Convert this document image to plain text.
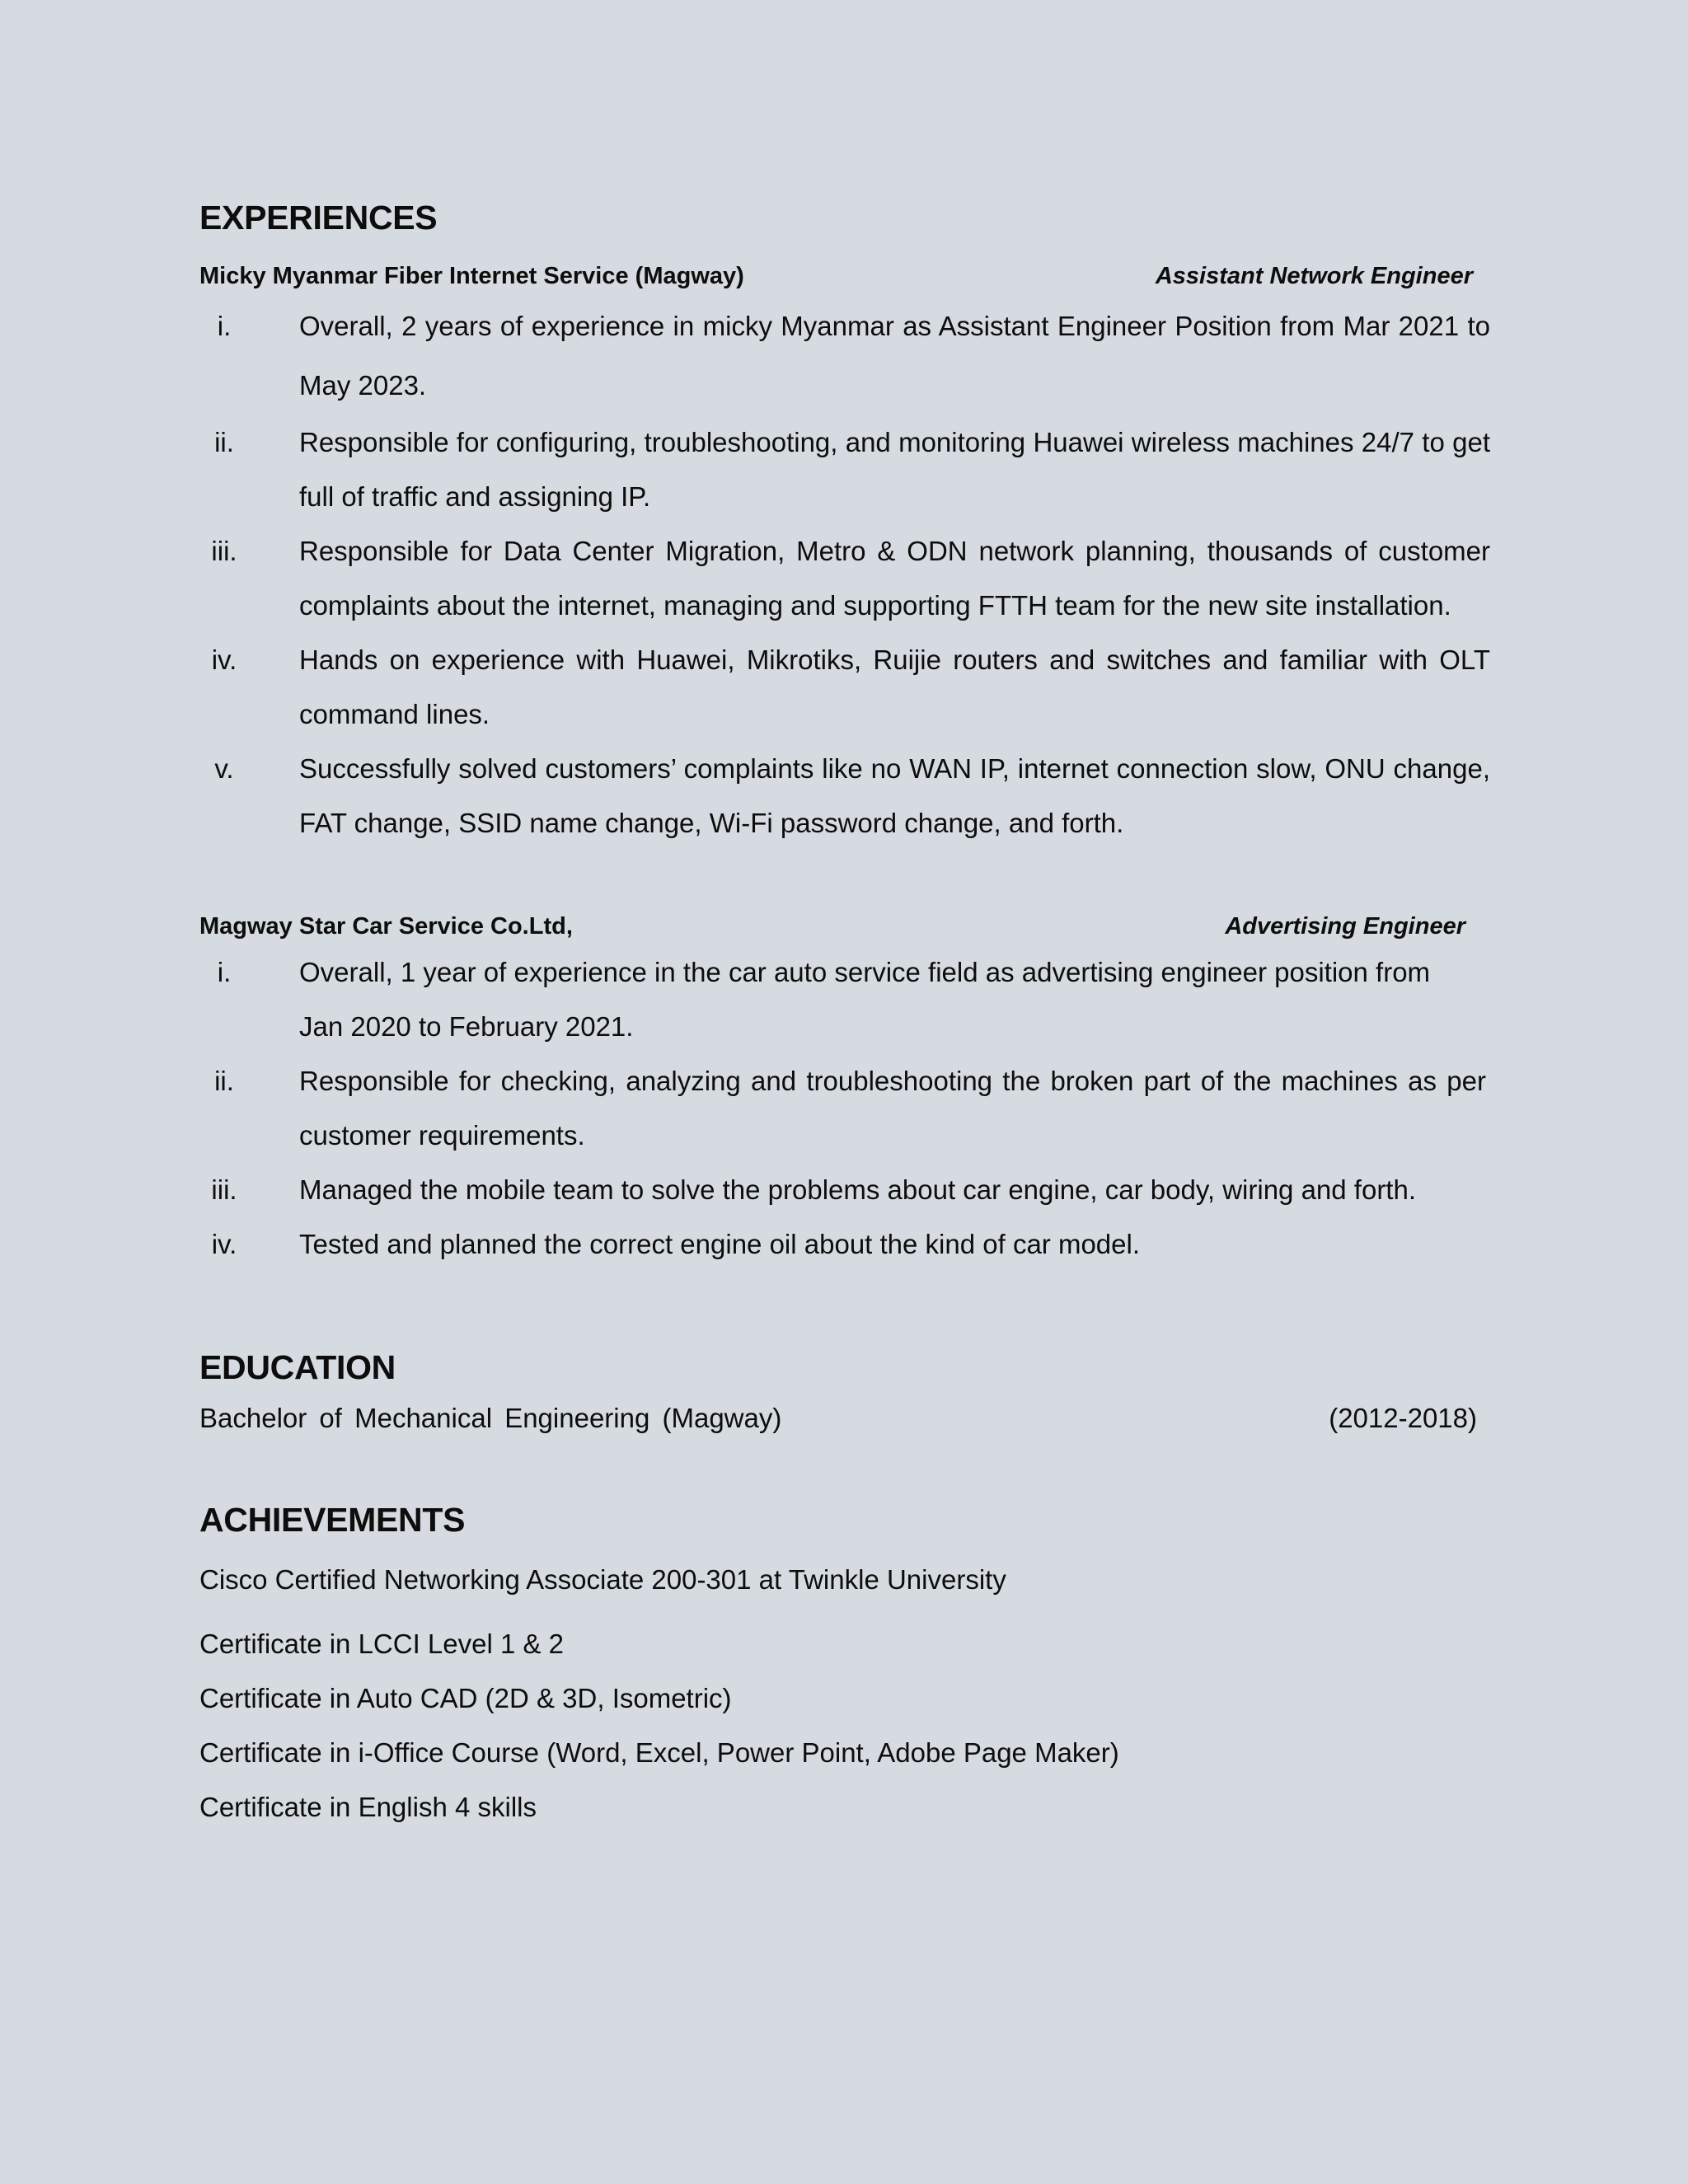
EXPERIENCES
Micky Myanmar Fiber Internet Service (Magway)	Assistant Network Engineer
i.	Overall, 2 years of experience in micky Myanmar as Assistant Engineer Position from Mar 2021 to May 2023.
ii.	Responsible for configuring, troubleshooting, and monitoring Huawei wireless machines 24/7 to get full of traffic and assigning IP.
iii.	Responsible for Data Center Migration, Metro & ODN network planning, thousands of customer complaints about the internet, managing and supporting FTTH team for the new site installation.
iv.	Hands on experience with Huawei, Mikrotiks, Ruijie routers and switches and familiar with OLT command lines.
v.	Successfully solved customers’ complaints like no WAN IP, internet connection slow, ONU change, FAT change, SSID name change, Wi-Fi password change, and forth.
Magway Star Car Service Co.Ltd,	Advertising Engineer
i.	Overall, 1 year of experience in the car auto service field as advertising engineer position from Jan 2020 to February 2021.
ii.	Responsible for checking, analyzing and troubleshooting the broken part of the machines as per customer requirements.
iii.	Managed the mobile team to solve the problems about car engine, car body, wiring and forth.
iv.	Tested and planned the correct engine oil about the kind of car model.
EDUCATION
Bachelor of Mechanical Engineering (Magway)	(2012-2018)
ACHIEVEMENTS
Cisco Certified Networking Associate 200-301 at Twinkle University
Certificate in LCCI Level 1 & 2
Certificate in Auto CAD (2D & 3D, Isometric)
Certificate in i-Office Course (Word, Excel, Power Point, Adobe Page Maker)
Certificate in English 4 skills
